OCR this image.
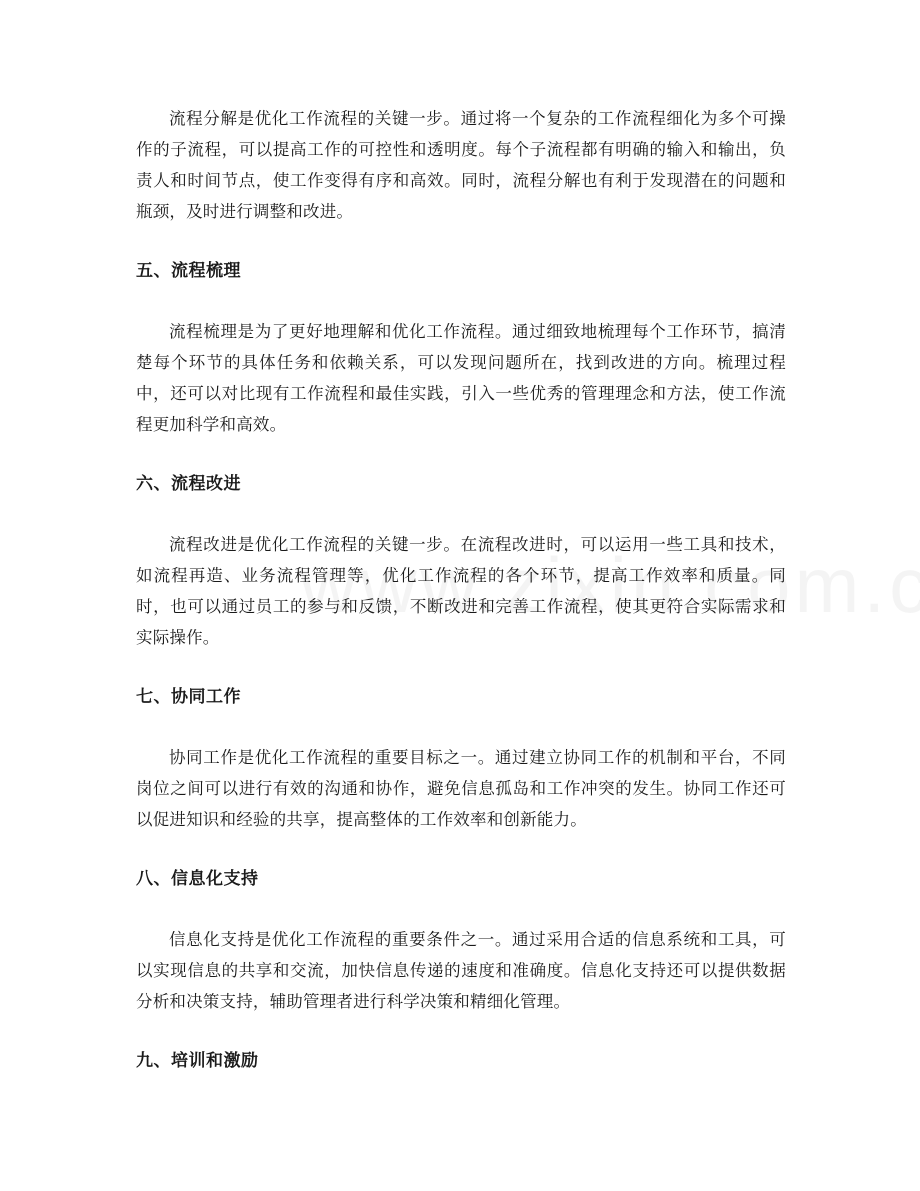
流程分解是优化工作流程的关键一步。通过将一个复杂的工作流程细化为多个可操作的子流程，可以提高工作的可控性和透明度。每个子流程都有明确的输入和输出，负责人和时间节点，使工作变得有序和高效。同时，流程分解也有利于发现潜在的问题和瓶颈，及时进行调整和改进。

五、流程梳理

流程梳理是为了更好地理解和优化工作流程。通过细致地梳理每个工作环节，搞清楚每个环节的具体任务和依赖关系，可以发现问题所在，找到改进的方向。梳理过程中，还可以对比现有工作流程和最佳实践，引入一些优秀的管理理念和方法，使工作流程更加科学和高效。

六、流程改进

流程改进是优化工作流程的关键一步。在流程改进时，可以运用一些工具和技术，如流程再造、业务流程管理等，优化工作流程的各个环节，提高工作效率和质量。同时，也可以通过员工的参与和反馈，不断改进和完善工作流程，使其更符合实际需求和实际操作。

七、协同工作

协同工作是优化工作流程的重要目标之一。通过建立协同工作的机制和平台，不同岗位之间可以进行有效的沟通和协作，避免信息孤岛和工作冲突的发生。协同工作还可以促进知识和经验的共享，提高整体的工作效率和创新能力。

八、信息化支持

信息化支持是优化工作流程的重要条件之一。通过采用合适的信息系统和工具，可以实现信息的共享和交流，加快信息传递的速度和准确度。信息化支持还可以提供数据分析和决策支持，辅助管理者进行科学决策和精细化管理。

九、培训和激励
